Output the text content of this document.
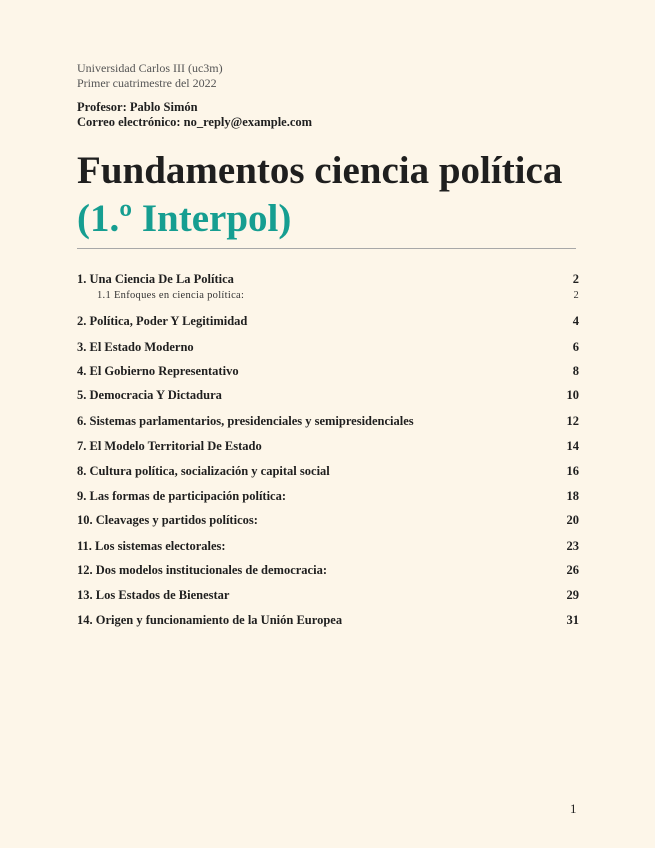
Universidad Carlos III (uc3m)
Primer cuatrimestre del 2022
Profesor: Pablo Simón
Correo electrónico: no_reply@example.com
Fundamentos ciencia política
(1.º Interpol)
1. Una Ciencia De La Política	2
1.1 Enfoques en ciencia política:	2
2. Política, Poder Y Legitimidad	4
3. El Estado Moderno	6
4. El Gobierno Representativo	8
5. Democracia Y Dictadura	10
6. Sistemas parlamentarios, presidenciales y semipresidenciales	12
7. El Modelo Territorial De Estado	14
8. Cultura política, socialización y capital social	16
9. Las formas de participación política:	18
10. Cleavages y partidos políticos:	20
11. Los sistemas electorales:	23
12. Dos modelos institucionales de democracia:	26
13. Los Estados de Bienestar	29
14. Origen y funcionamiento de la Unión Europea	31
1
